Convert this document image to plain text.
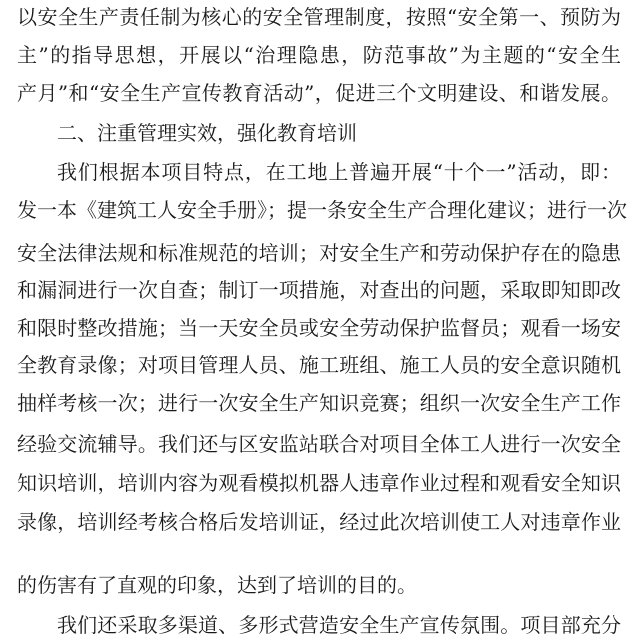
以安全生产责任制为核心的安全管理制度，按照“安全第一、预防为
主”的指导思想，开展以“治理隐患，防范事故”为主题的“安全生
产月”和“安全生产宣传教育活动”，促进三个文明建设、和谐发展。
二、注重管理实效，强化教育培训
我们根据本项目特点，在工地上普遍开展“十个一”活动，即：
发一本《建筑工人安全手册》；提一条安全生产合理化建议；进行一次
安全法律法规和标准规范的培训；对安全生产和劳动保护存在的隐患
和漏洞进行一次自查；制订一项措施，对查出的问题，采取即知即改
和限时整改措施；当一天安全员或安全劳动保护监督员；观看一场安
全教育录像；对项目管理人员、施工班组、施工人员的安全意识随机
抽样考核一次；进行一次安全生产知识竞赛；组织一次安全生产工作
经验交流辅导。我们还与区安监站联合对项目全体工人进行一次安全
知识培训，培训内容为观看模拟机器人违章作业过程和观看安全知识
录像，培训经考核合格后发培训证，经过此次培训使工人对违章作业
的伤害有了直观的印象，达到了培训的目的。
我们还采取多渠道、多形式营造安全生产宣传氛围。项目部充分
